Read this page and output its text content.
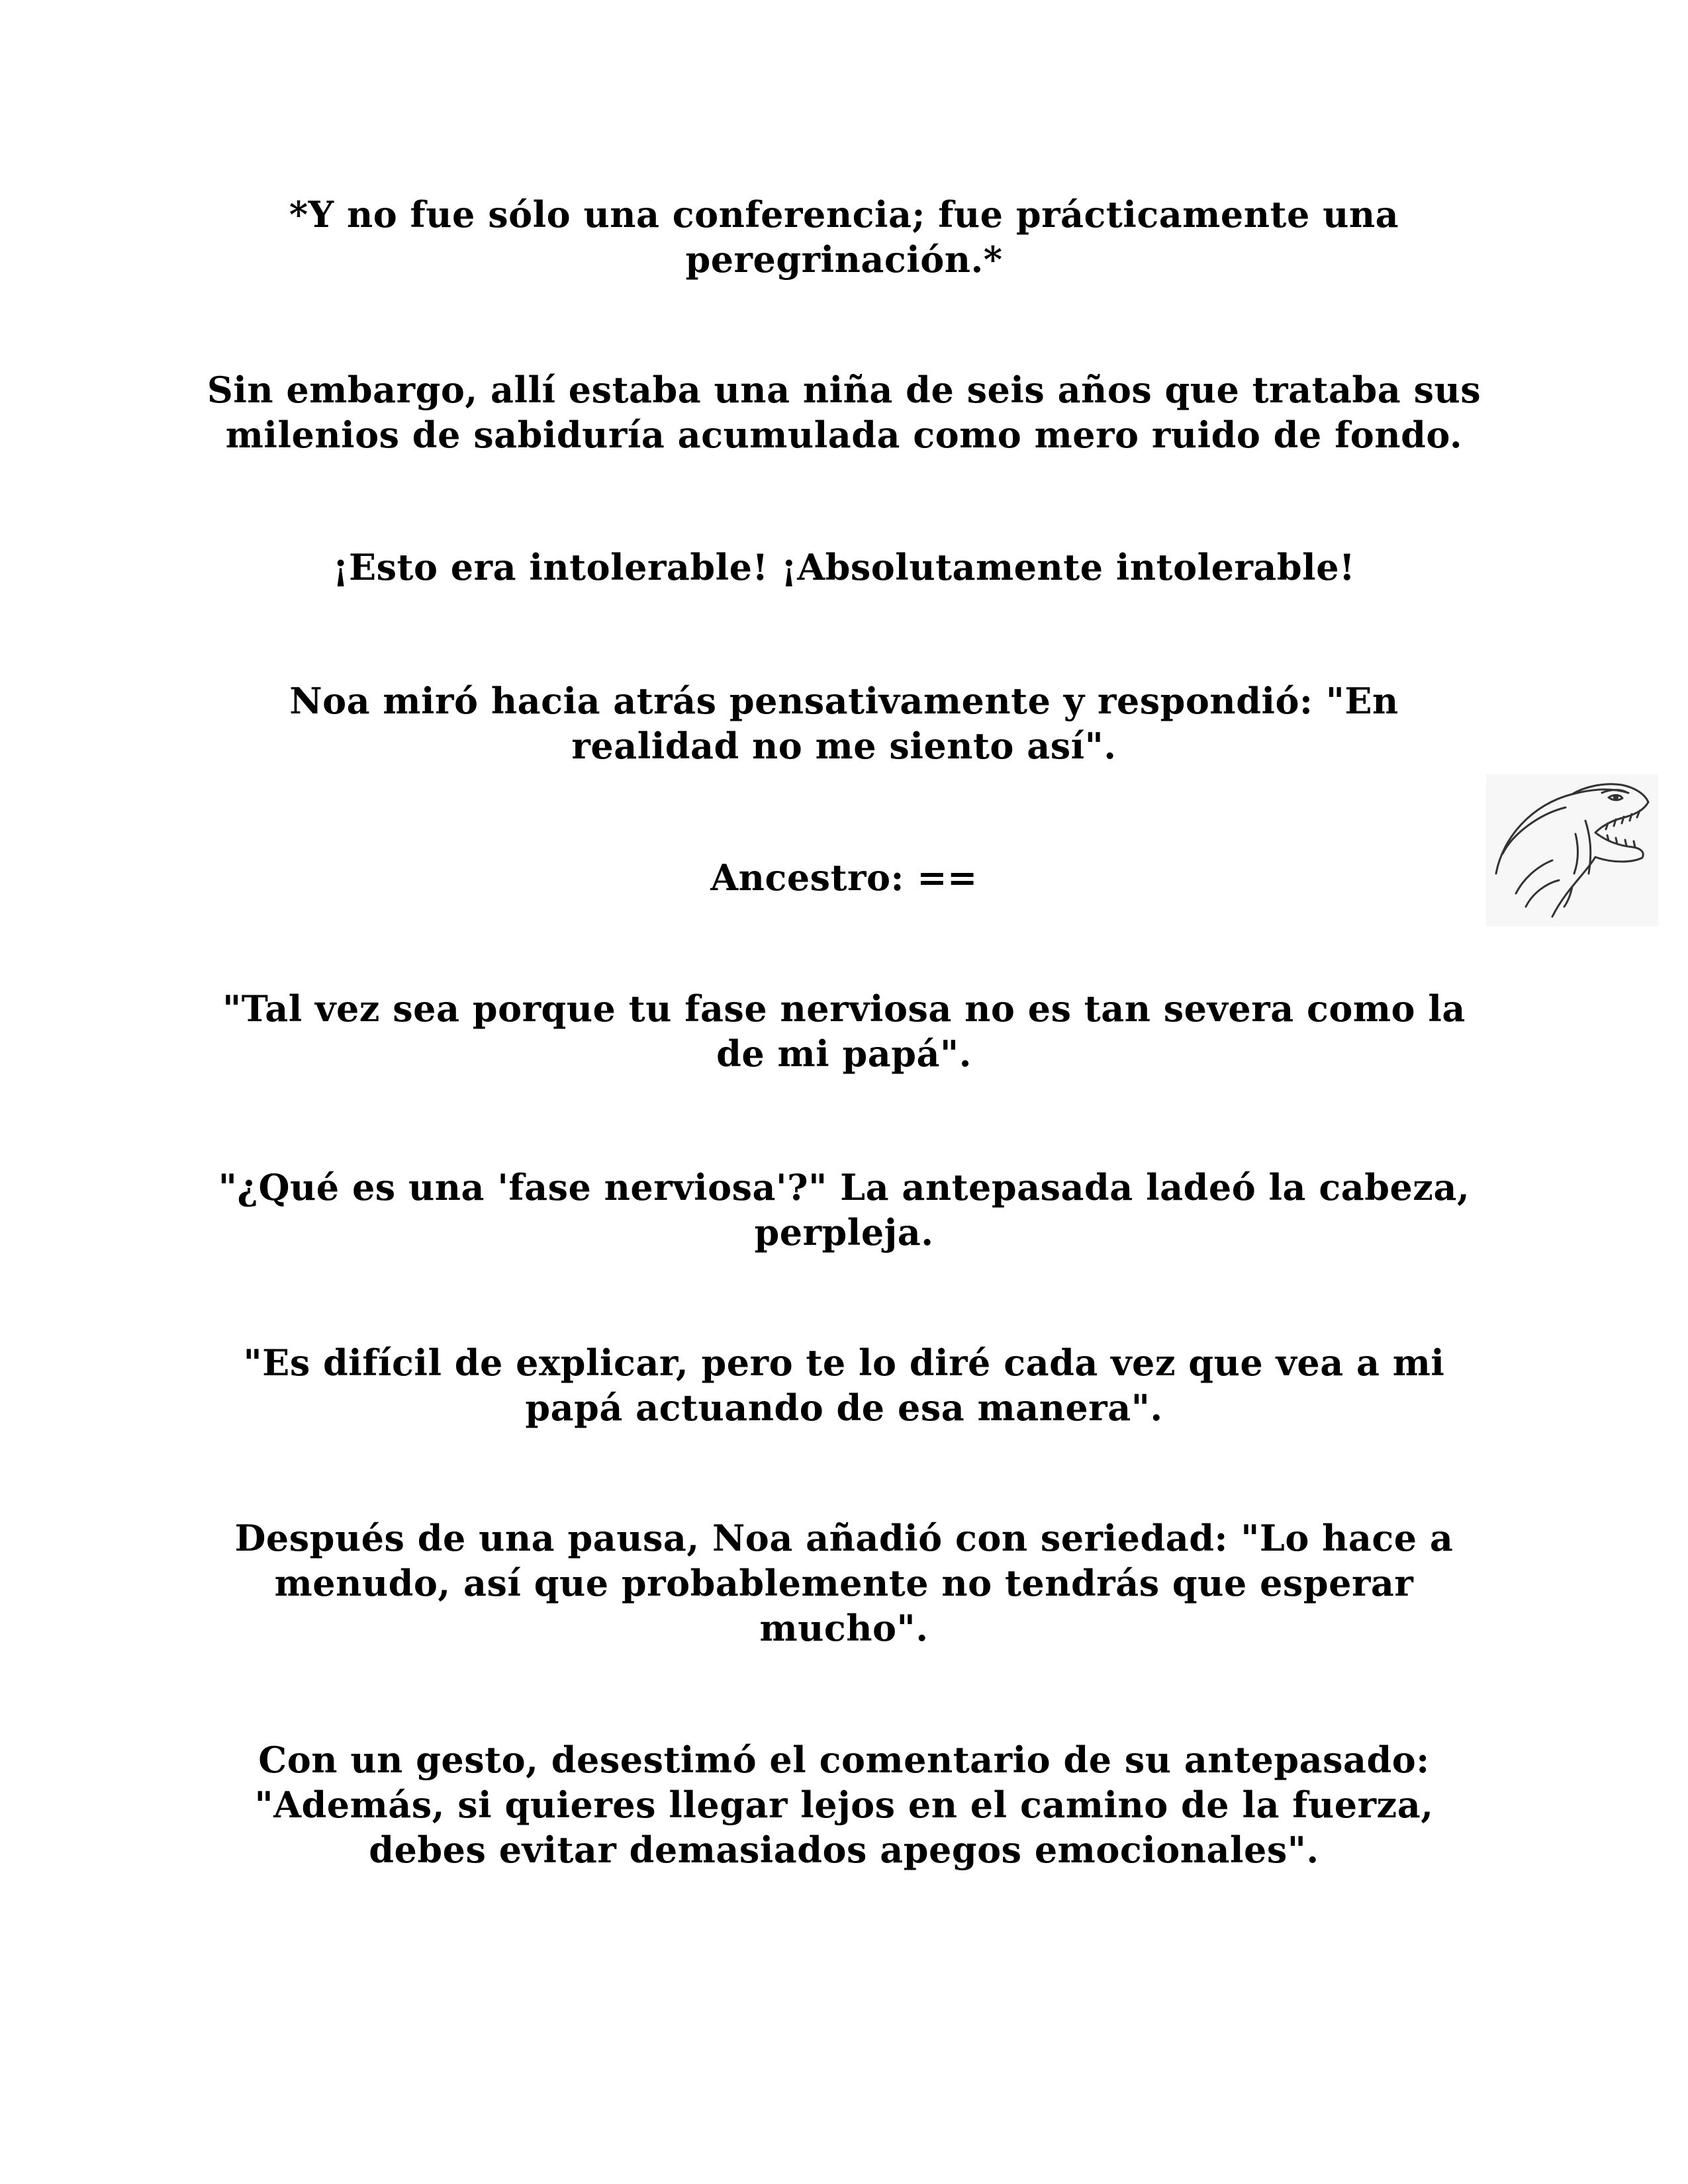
*Y no fue sólo una conferencia; fue prácticamente una
peregrinación.*

Sin embargo, allí estaba una niña de seis años que trataba sus
milenios de sabiduría acumulada como mero ruido de fondo.

¡Esto era intolerable! ¡Absolutamente intolerable!

Noa miró hacia atrás pensativamente y respondió: "En
realidad no me siento así".

Ancestro: ==

"Tal vez sea porque tu fase nerviosa no es tan severa como la
de mi papá".

"¿Qué es una 'fase nerviosa'?" La antepasada ladeó la cabeza,
perpleja.

"Es difícil de explicar, pero te lo diré cada vez que vea a mi
papá actuando de esa manera".

Después de una pausa, Noa añadió con seriedad: "Lo hace a
menudo, así que probablemente no tendrás que esperar
mucho".

Con un gesto, desestimó el comentario de su antepasado:
"Además, si quieres llegar lejos en el camino de la fuerza,
debes evitar demasiados apegos emocionales".
